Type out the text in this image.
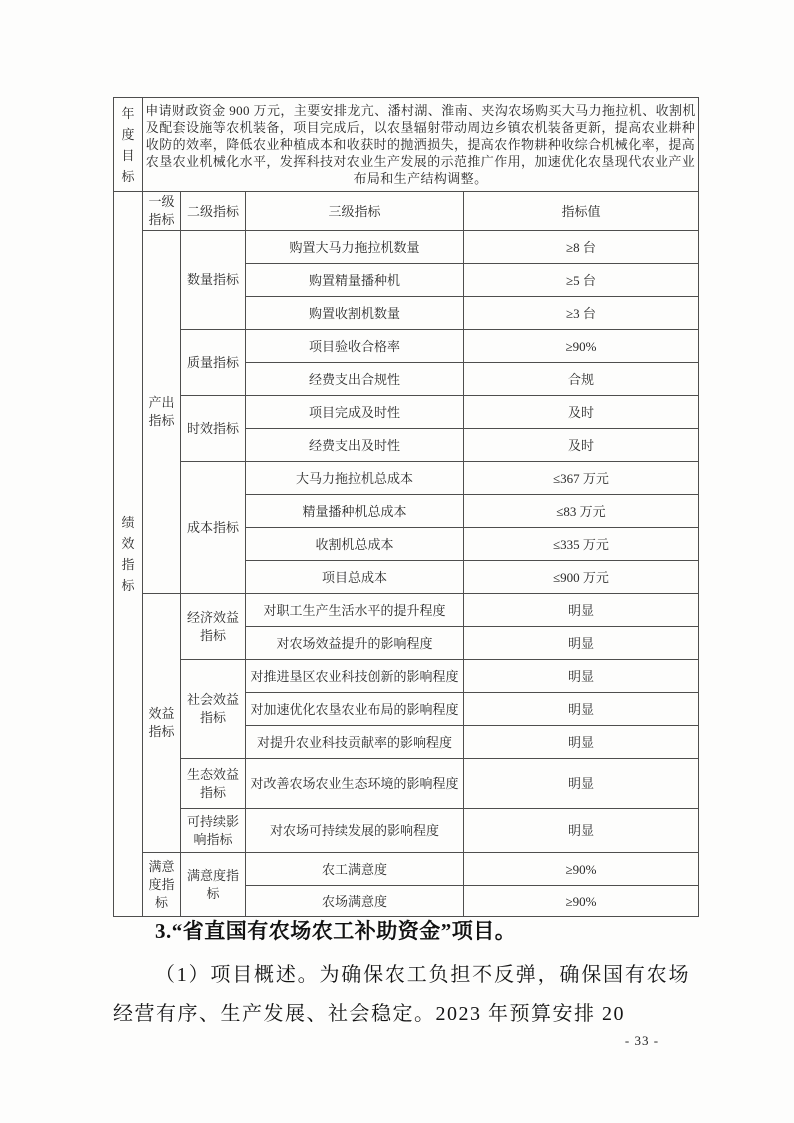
年度目标	申请财政资金 900 万元，主要安排龙亢、潘村湖、淮南、夹沟农场购买大马力拖拉机、收割机及配套设施等农机装备，项目完成后，以农垦辐射带动周边乡镇农机装备更新，提高农业耕种收防的效率，降低农业种植成本和收获时的抛洒损失，提高农作物耕种收综合机械化率，提高农垦农业机械化水平，发挥科技对农业生产发展的示范推广作用，加速优化农垦现代农业产业布局和生产结构调整。			

绩效指标	一级指标	二级指标	三级指标	指标值

	产出指标	数量指标	购置大马力拖拉机数量	≥8 台
			购置精量播种机	≥5 台
			购置收割机数量	≥3 台

		质量指标	项目验收合格率	≥90%
			经费支出合规性	合规

		时效指标	项目完成及时性	及时
			经费支出及时性	及时

		成本指标	大马力拖拉机总成本	≤367 万元
			精量播种机总成本	≤83 万元
			收割机总成本	≤335 万元
			项目总成本	≤900 万元

	效益指标	经济效益指标	对职工生产生活水平的提升程度	明显
			对农场效益提升的影响程度	明显

		社会效益指标	对推进垦区农业科技创新的影响程度	明显
			对加速优化农垦农业布局的影响程度	明显
			对提升农业科技贡献率的影响程度	明显

		生态效益指标	对改善农场农业生态环境的影响程度	明显

		可持续影响指标	对农场可持续发展的影响程度	明显

	满意度指标	满意度指标	农工满意度	≥90%
			农场满意度	≥90%
3.“省直国有农场农工补助资金”项目。
（1）项目概述。为确保农工负担不反弹，确保国有农场经营有序、生产发展、社会稳定。2023 年预算安排 20
- 33 -
